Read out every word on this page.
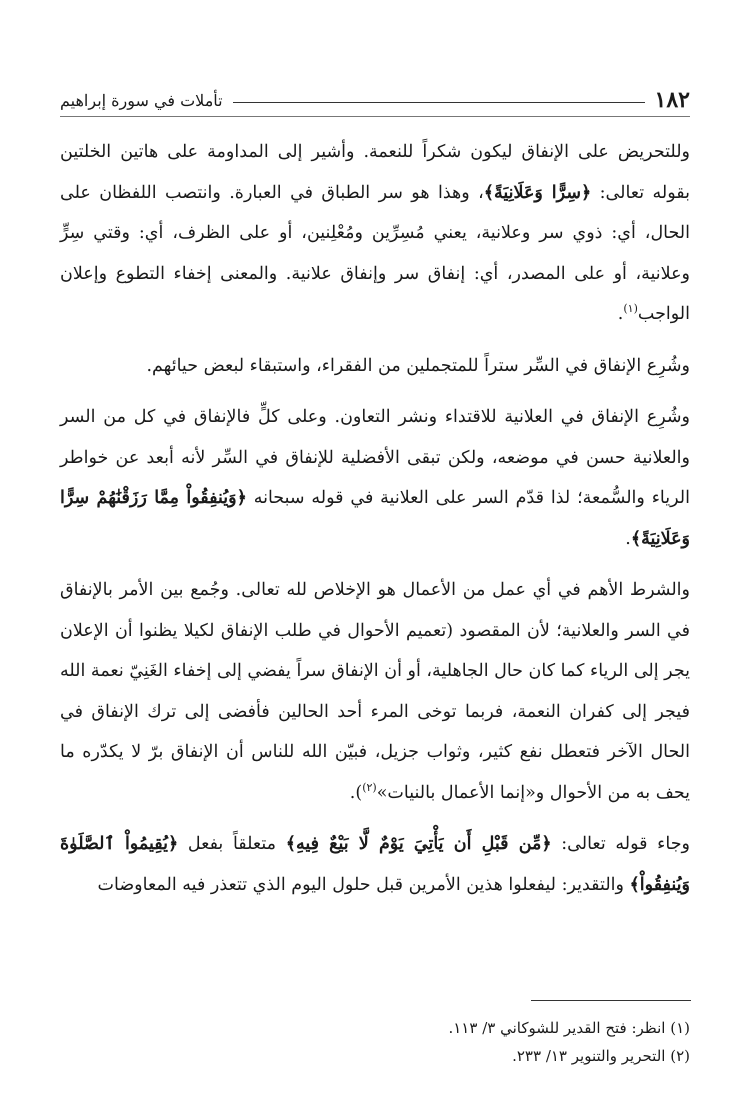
١٨٢
تأملات في سورة إبراهيم

وللتحريض على الإنفاق ليكون شكراً للنعمة. وأشير إلى المداومة على هاتين الخلتين بقوله تعالى: ﴿سِرًّا وَعَلَانِيَةً﴾، وهذا هو سر الطباق في العبارة. وانتصب اللفظان على الحال، أي: ذوي سر وعلانية، يعني مُسِرِّين ومُعْلِنين، أو على الظرف، أي: وقتي سِرٍّ وعلانية، أو على المصدر، أي: إنفاق سر وإنفاق علانية. والمعنى إخفاء التطوع وإعلان الواجب$^{(١)}$.

وشُرِع الإنفاق في السِّر ستراً للمتجملين من الفقراء، واستبقاء لبعض حيائهم.

وشُرِع الإنفاق في العلانية للاقتداء ونشر التعاون. وعلى كلٍّ فالإنفاق في كل من السر والعلانية حسن في موضعه، ولكن تبقى الأفضلية للإنفاق في السِّر لأنه أبعد عن خواطر الرياء والسُّمعة؛ لذا قدّم السر على العلانية في قوله سبحانه ﴿وَيُنفِقُواْ مِمَّا رَزَقْنَٰهُمْ سِرًّا وَعَلَانِيَةً﴾.

والشرط الأهم في أي عمل من الأعمال هو الإخلاص لله تعالى. وجُمع بين الأمر بالإنفاق في السر والعلانية؛ لأن المقصود (تعميم الأحوال في طلب الإنفاق لكيلا يظنوا أن الإعلان يجر إلى الرياء كما كان حال الجاهلية، أو أن الإنفاق سراً يفضي إلى إخفاء الغَنِيّ نعمة الله فيجر إلى كفران النعمة، فربما توخى المرء أحد الحالين فأفضى إلى ترك الإنفاق في الحال الآخر فتعطل نفع كثير، وثواب جزيل، فبيّن الله للناس أن الإنفاق برّ لا يكدّره ما يحف به من الأحوال و«إنما الأعمال بالنيات»$^{(٢)}$).

وجاء قوله تعالى: ﴿مِّن قَبْلِ أَن يَأْتِيَ يَوْمٌ لَّا بَيْعٌ فِيهِ﴾ متعلقاً بفعل ﴿يُقِيمُواْ ٱلصَّلَوٰةَ وَيُنفِقُواْ﴾ والتقدير: ليفعلوا هذين الأمرين قبل حلول اليوم الذي تتعذر فيه المعاوضات

(١) انظر: فتح القدير للشوكاني ٣/ ١١٣.

(٢) التحرير والتنوير ١٣/ ٢٣٣.
